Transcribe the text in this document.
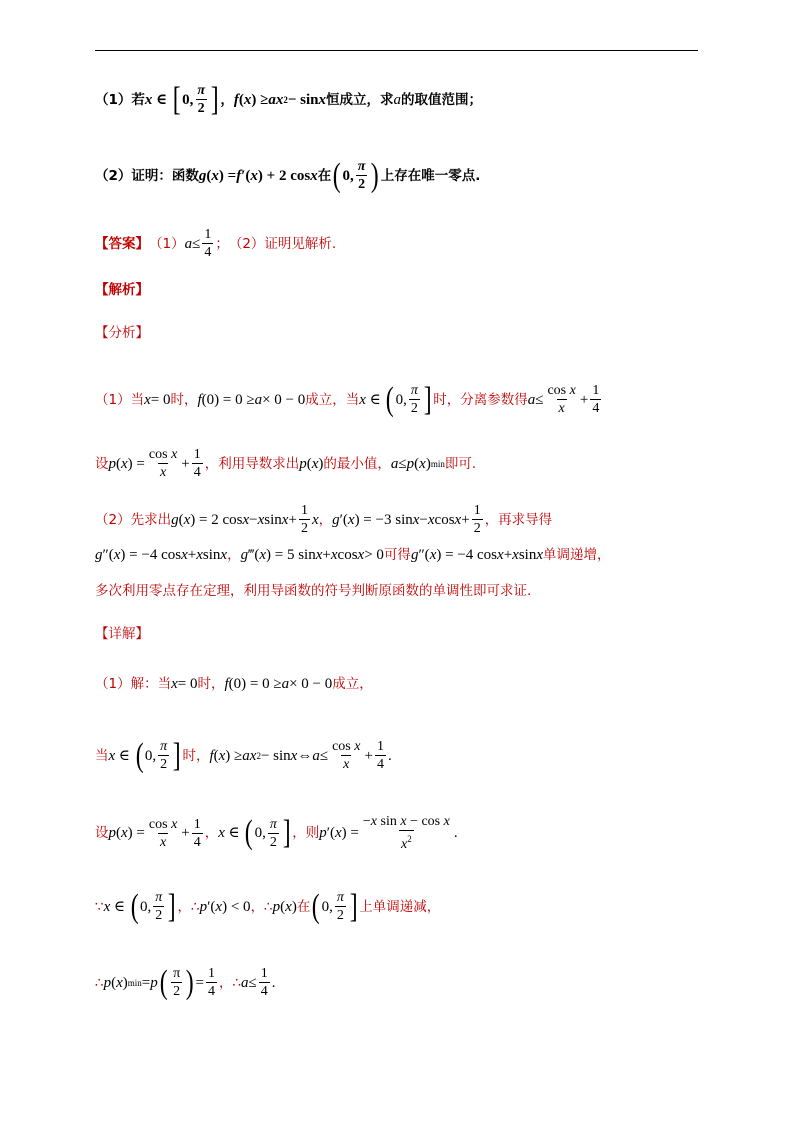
（1） 若 x
∈
[ 0, $\frac{\pi}{2}$ ] ， f ( x ) ≥ ax 2 − sin x 恒成立，求 a 的取值范围；
（2） 证明：函数 g ( x ) = f ′( x ) + 2 cos x 在 ( 0, $\frac{\pi}{2}$ ) 上存在唯一零点.
【答案】 （1） $a \le \frac{1}{4}$ ； （2）证明见解析.
【解析】
【分析】
（1）当 x = 0 时， f (0) = 0 ≥ a × 0 − 0 成立，当 x
∈
( 0, $\frac{\pi}{2}$ ] 时，分离参数得 $a \le \frac{\text{cos x}}{x} + \frac{1}{4}$
设 p ( x ) = $\frac{\text{cos x}}{x} + \frac{1}{4}$ ，利用导数求出 p ( x ) 的最小值， a ≤ p ( x ) min 即可.
（2）先求出 g ( x ) = 2 cos x − x $\sin x + \frac{1}{2}$ x ， g ′( x ) = −3 sin x − x $\cos x + \frac{1}{2}$ ，再求导得
g ″( x ) = −4 cos x + x sin x ， g ‴( x ) = 5 sin x + x cos x > 0 可得 g ″( x ) = −4 cos x + x sin x 单调递增，
多次利用零点存在定理，利用导函数的符号判断原函数的单调性即可求证.
【详解】
（1）解：当 x = 0 时， f (0) = 0 ≥ a × 0 − 0 成立，
当 x
∈
( 0, $\frac{\pi}{2}$ ] 时， f ( x ) ≥ ax 2 − sin x ⇔ $a \le \frac{\text{cos x}}{x} + \frac{1}{4}$ .
设 p ( x ) = $\frac{\text{cos x}}{x} + \frac{1}{4}$ ， x
∈
( 0, $\frac{\pi}{2}$ ] ，则 p ′( x ) = $\frac{\text{−x sin x − cos x}}{x^2}$ .
∵ x
∈
( 0, $\frac{\pi}{2}$ ] ，∴ p ′( x ) < 0 ，∴ p ( x ) 在 ( 0, $\frac{\pi}{2}$ ] 上单调递减，
∴ p ( x ) min = p ( $\frac{\pi}{2}$ ) = $\frac{1}{4}$ ，∴ $a \le \frac{1}{4}$ .
